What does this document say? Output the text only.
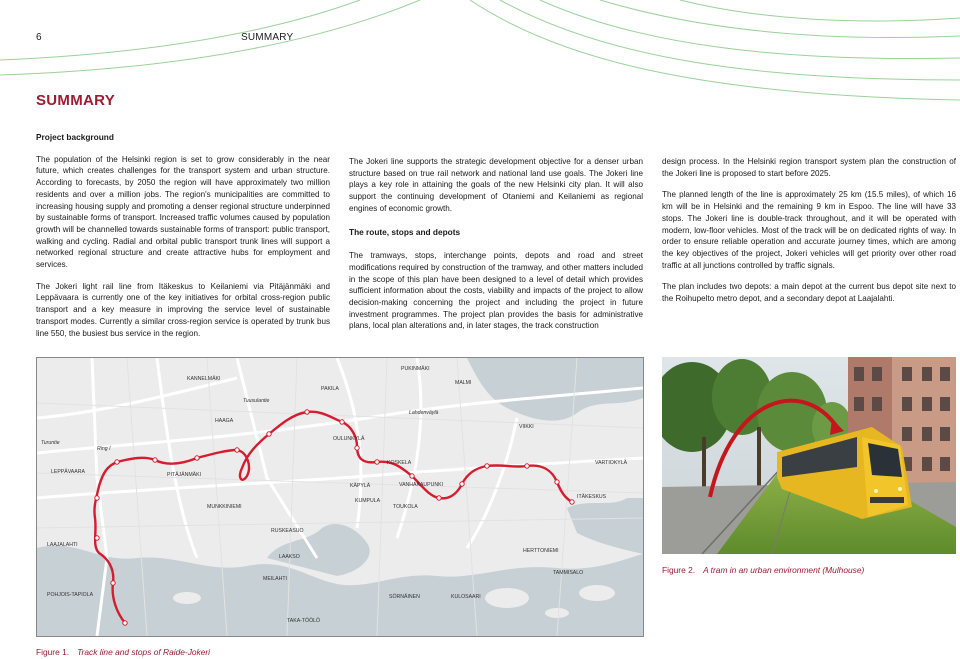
6	SUMMARY
SUMMARY

Project background

The population of the Helsinki region is set to grow considerably in the near future, which creates challenges for the transport system and urban structure. According to forecasts, by 2050 the region will have approximately two million residents and over a million jobs. The region's municipalities are committed to increasing housing supply and promoting a denser regional structure underpinned by sustainable forms of transport. Increased traffic volumes caused by population growth will be channelled towards sustainable forms of transport: public transport, walking and cycling. Radial and orbital public transport trunk lines will support a networked regional structure and create attractive hubs for employment and services.

The Jokeri light rail line from Itäkeskus to Keilaniemi via Pitäjänmäki and Leppävaara is currently one of the key initiatives for orbital cross-region public transport and a key measure in improving the service level of sustainable transport modes. Currently a similar cross-region service is operated by trunk bus line 550, the busiest bus service in the region.

The Jokeri line supports the strategic development objective for a denser urban structure based on true rail network and national land use goals. The Jokeri line plays a key role in attaining the goals of the new Helsinki city plan. It will also support the continuing development of Otaniemi and Keilaniemi as regional engines of economic growth.

The route, stops and depots

The tramways, stops, interchange points, depots and road and street modifications required by construction of the tramway, and other matters included in the scope of this plan have been designed to a level of detail which provides sufficient information about the costs, viability and impacts of the project to allow decision-making concerning the project and including the project in future investment programmes. The project plan provides the basis for administrative plans, local plan alterations and, in later stages, the track construction

design process. In the Helsinki region transport system plan the construction of the Jokeri line is proposed to start before 2025.

The planned length of the line is approximately 25 km (15.5 miles), of which 16 km will be in Helsinki and the remaining 9 km in Espoo. The line will have 33 stops. The Jokeri line is double-track throughout, and it will be operated with modern, low-floor vehicles. Most of the track will be on dedicated rights of way. In order to ensure reliable operation and accurate journey times, which are among the key objectives of the project, Jokeri vehicles will get priority over other road traffic at all junctions controlled by traffic signals.

The plan includes two depots: a main depot at the current bus depot site next to the Roihupelto metro depot, and a secondary depot at Laajalahti.

PUKINMÄKI
PAKILA
MALMI
OULUNKYLÄ
VIIKKI
KOSKELA	VARTIOKYLÄ
KÄPYLÄ	VANHAKAUPUNKI
KUMPULA
TOUKOLA
LEPPÄVAARA	PITÄJÄNMÄKI
ITÄKESKUS
LAAJALAHTI
RUSKEASUO
LAAKSO
HERTTONIEMI
MEILAHTI
TAMMISALO
POHJOIS-TAPIOLA	SÖRNÄINEN	KULOSAARI
TAKA-TÖÖLÖ
KANNELMÄKI
HAAGA
MUNKKINIEMI
Tuusulantie
Lahdenväylä
Ring I
Turuntie
Figure 1. Track line and stops of Raide-Jokeri
Figure 2. A tram in an urban environment (Mulhouse)
